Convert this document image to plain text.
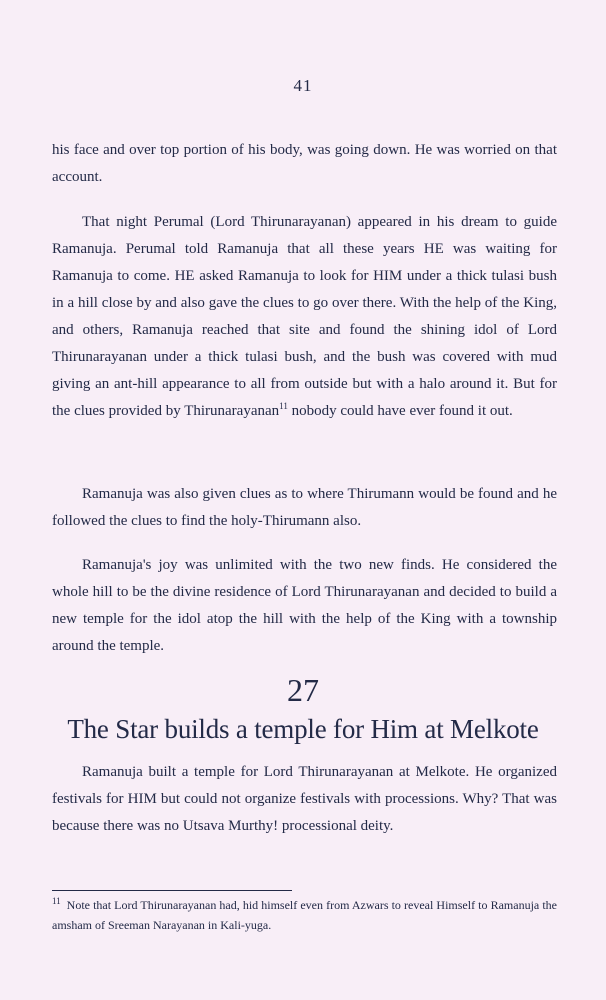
41

his face and over top portion of his body, was going down. He was worried on that account.

That night Perumal (Lord Thirunarayanan) appeared in his dream to guide Ramanuja. Perumal told Ramanuja that all these years HE was waiting for Ramanuja to come. HE asked Ramanuja to look for HIM under a thick tulasi bush in a hill close by and also gave the clues to go over there. With the help of the King, and others, Ramanuja reached that site and found the shining idol of Lord Thirunarayanan under a thick tulasi bush, and the bush was covered with mud giving an ant-hill appearance to all from outside but with a halo around it. But for the clues provided by Thirunarayanan$^{11}$ nobody could have ever found it out.

Ramanuja was also given clues as to where Thirumann would be found and he followed the clues to find the holy-Thirumann also.

Ramanuja's joy was unlimited with the two new finds. He considered the whole hill to be the divine residence of Lord Thirunarayanan and decided to build a new temple for the idol atop the hill with the help of the King with a township around the temple.

27
The Star builds a temple for Him at Melkote

Ramanuja built a temple for Lord Thirunarayanan at Melkote. He organized festivals for HIM but could not organize festivals with processions. Why? That was because there was no Utsava Murthy! processional deity.

$^{11}$ Note that Lord Thirunarayanan had, hid himself even from Azwars to reveal Himself to Ramanuja the amsham of Sreeman Narayanan in Kali-yuga.
